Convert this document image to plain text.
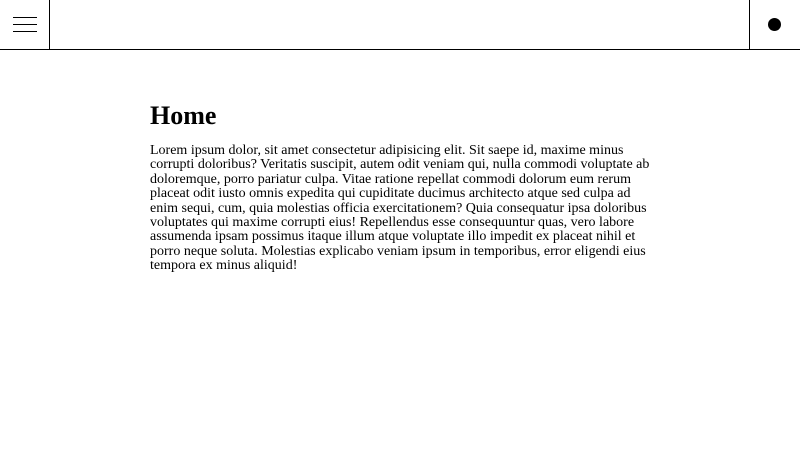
Home

Lorem ipsum dolor, sit amet consectetur adipisicing elit. Sit saepe id, maxime minus corrupti doloribus? Veritatis suscipit, autem odit veniam qui, nulla commodi voluptate ab doloremque, porro pariatur culpa. Vitae ratione repellat commodi dolorum eum rerum placeat odit iusto omnis expedita qui cupiditate ducimus architecto atque sed culpa ad enim sequi, cum, quia molestias officia exercitationem? Quia consequatur ipsa doloribus voluptates qui maxime corrupti eius! Repellendus esse consequuntur quas, vero labore assumenda ipsam possimus itaque illum atque voluptate illo impedit ex placeat nihil et porro neque soluta. Molestias explicabo veniam ipsum in temporibus, error eligendi eius tempora ex minus aliquid!
